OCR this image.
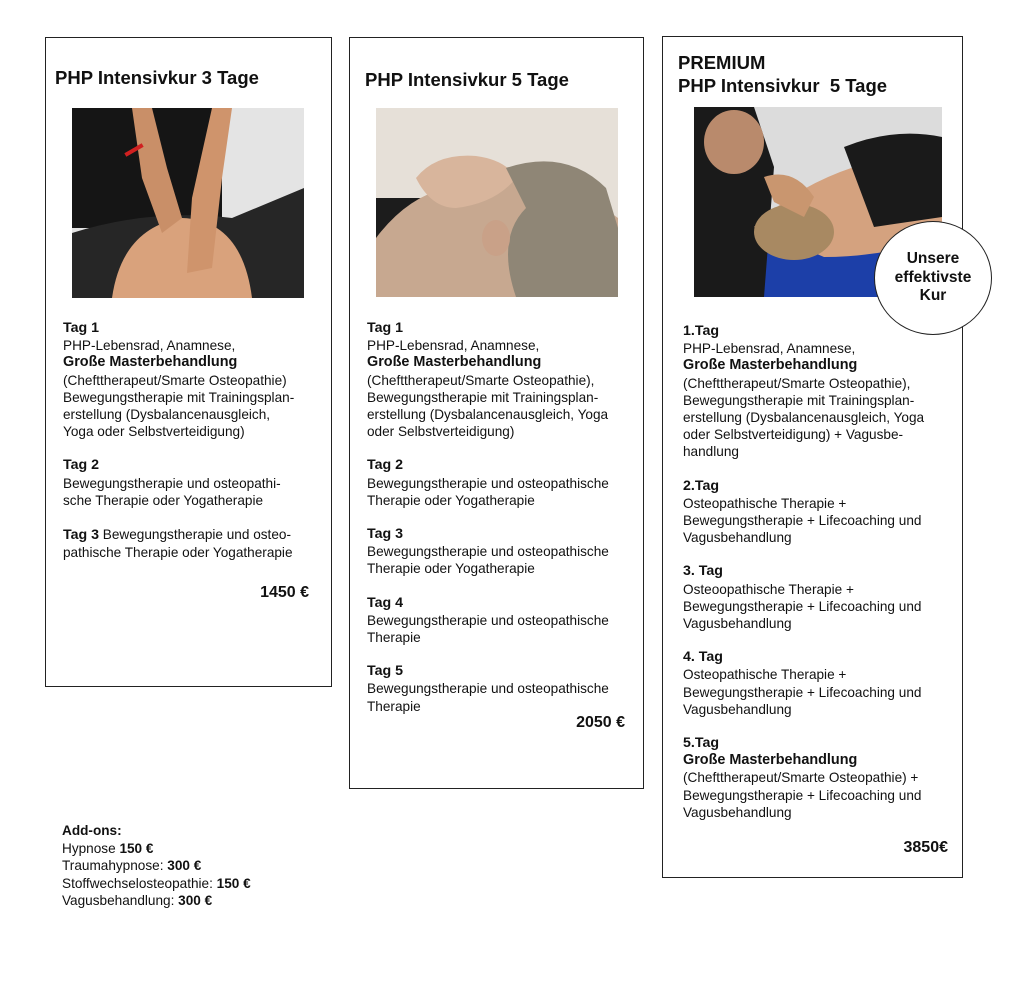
PHP Intensivkur 3 Tage
Tag 1
PHP-Lebensrad, Anamnese,
Große Masterbehandlung
(Chefttherapeut/Smarte Osteopathie)
Bewegungstherapie mit Trainingsplan-
erstellung (Dysbalancenausgleich,
Yoga oder Selbstverteidigung)
Tag 2
Bewegungstherapie und osteopathi-
sche Therapie oder Yogatherapie
Tag 3 Bewegungstherapie und osteo-
pathische Therapie oder Yogatherapie
1450 €
PHP Intensivkur 5 Tage
Tag 1
PHP-Lebensrad, Anamnese,
Große Masterbehandlung
(Chefttherapeut/Smarte Osteopathie),
Bewegungstherapie mit Trainingsplan-
erstellung (Dysbalancenausgleich, Yoga
oder Selbstverteidigung)
Tag 2
Bewegungstherapie und osteopathische
Therapie oder Yogatherapie
Tag 3
Bewegungstherapie und osteopathische
Therapie oder Yogatherapie
Tag 4
Bewegungstherapie und osteopathische
Therapie
Tag 5
Bewegungstherapie und osteopathische
Therapie
2050 €
PREMIUM
PHP Intensivkur  5 Tage
1.Tag
PHP-Lebensrad, Anamnese,
Große Masterbehandlung
(Chefttherapeut/Smarte Osteopathie),
Bewegungstherapie mit Trainingsplan-
erstellung (Dysbalancenausgleich, Yoga
oder Selbstverteidigung) + Vagusbe-
handlung
2.Tag
Osteopathische Therapie +
Bewegungstherapie + Lifecoaching und
Vagusbehandlung
3. Tag
Osteoopathische Therapie +
Bewegungstherapie + Lifecoaching und
Vagusbehandlung
4. Tag
Osteopathische Therapie +
Bewegungstherapie + Lifecoaching und
Vagusbehandlung
5.Tag
Große Masterbehandlung
(Chefttherapeut/Smarte Osteopathie) +
Bewegungstherapie + Lifecoaching und
Vagusbehandlung
3850€
Unsere
effektivste
Kur
Add-ons:
Hypnose 150 €
Traumahypnose: 300 €
Stoffwechselosteopathie: 150 €
Vagusbehandlung: 300 €
